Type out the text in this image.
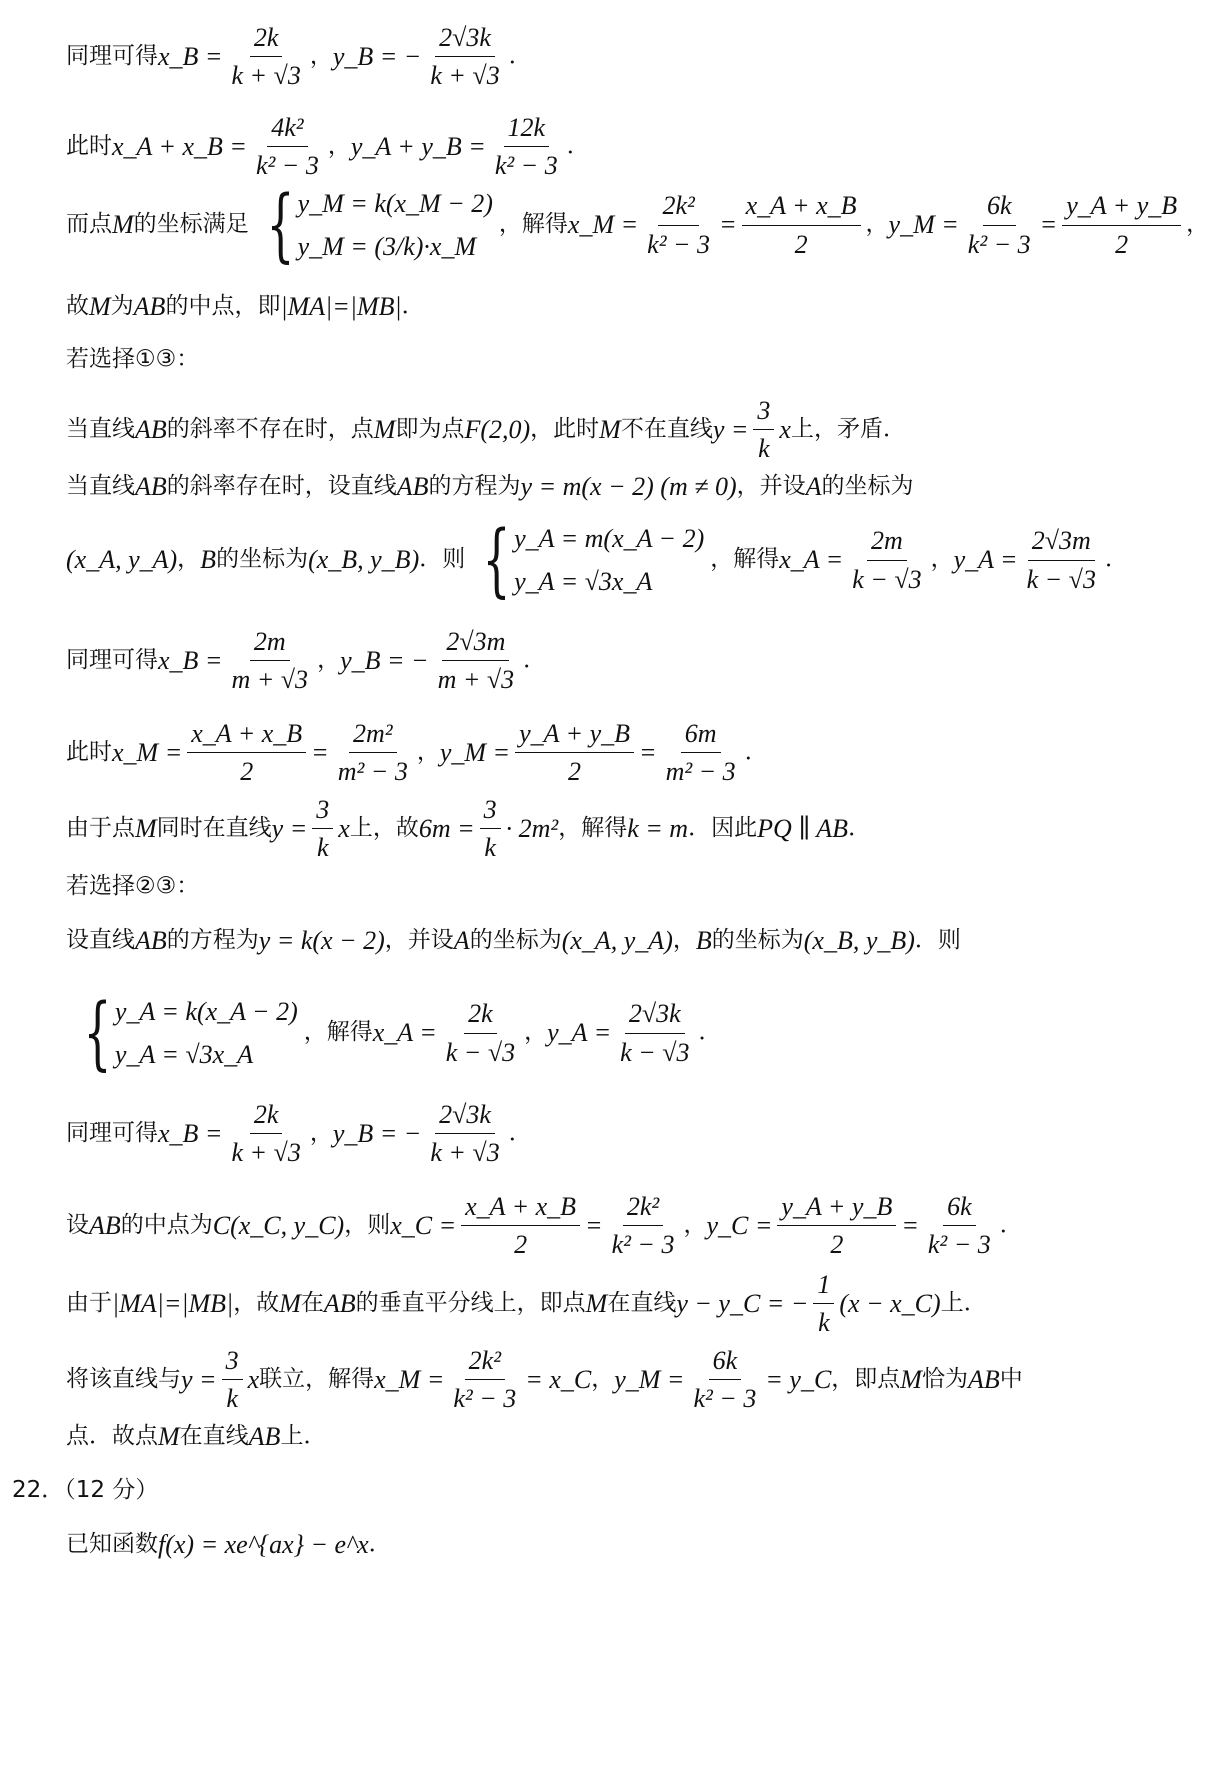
同理可得 x_B = $\frac{2k}{k + √3}$ ， y_B = − $\frac{2√3k}{k + √3}$ ．
此时 x_A + x_B = $\frac{\text{4k²}}{\text{k² − 3}}$ ， y_A + y_B = $\frac{12k}{\text{k² − 3}}$ ．
而点 M 的坐标满足 { y_M = k(x_M − 2)
y_M = (3/k)·x_M
，解得 x_M = $\frac{\text{2k²}}{\text{k² − 3}} = \frac{x\_A + x\_B}{2}$ ， y_M = $\frac{6k}{\text{k² − 3}} = \frac{y\_A + y\_B}{2}$ ，
故 M 为 AB 的中点，即 |MA|=|MB| ．
若选择①③：
当直线 AB 的斜率不存在时，点 M 即为点 F(2,0) ，此时 M 不在直线 $y = \frac{3}{k}$ x 上，矛盾．
当直线 AB 的斜率存在时，设直线 AB 的方程为 y = m(x − 2) (m ≠ 0) ，并设 A 的坐标为
(x_A, y_A) ， B 的坐标为 (x_B, y_B) ．则 { y_A = m(x_A − 2)
y_A = √3x_A
，解得 x_A = $\frac{2m}{k - √3}$ ， y_A = $\frac{2√3m}{k - √3}$ ．
同理可得 x_B = $\frac{2m}{m + √3}$ ， y_B = − $\frac{2√3m}{m + √3}$ ．
此时 x_M = $\frac{x\_A + x\_B}{2} = \frac{\text{2m²}}{\text{m² − 3}}$ ， y_M = $\frac{y\_A + y\_B}{2} = \frac{6m}{\text{m² − 3}}$ ．
由于点 M 同时在直线 $y = \frac{3}{k}$ x 上，故 $6m = \frac{3}{k} \cdot 2m^2$ ，解得 k = m ．因此 PQ ∥ AB ．
若选择②③：
设直线 AB 的方程为 y = k(x − 2) ，并设 A 的坐标为 (x_A, y_A) ， B 的坐标为 (x_B, y_B) ．则
{ y_A = k(x_A − 2)
y_A = √3x_A
，解得 x_A = $\frac{2k}{k - √3}$ ， y_A = $\frac{2√3k}{k - √3}$ ．
同理可得 x_B = $\frac{2k}{k + √3}$ ， y_B = − $\frac{2√3k}{k + √3}$ ．
设 AB 的中点为 C(x_C, y_C) ，则 x_C = $\frac{x\_A + x\_B}{2} = \frac{\text{2k²}}{\text{k² − 3}}$ ， y_C = $\frac{y\_A + y\_B}{2} = \frac{6k}{\text{k² − 3}}$ ．
由于 |MA|=|MB| ，故 M 在 AB 的垂直平分线上，即点 M 在直线 y − y_C = − $\frac{1}{k} (x$ − x_C) 上．
将该直线与 $y = \frac{3}{k}$ x 联立，解得 x_M = $\frac{\text{2k²}}{\text{k² − 3}}$ = x_C ， y_M = $\frac{6k}{\text{k² − 3}}$ = y_C ，即点 M 恰为 AB 中
点．故点 M 在直线 AB 上．
22．（12 分）
已知函数 f(x) = xe^{ax} − e^x ．
